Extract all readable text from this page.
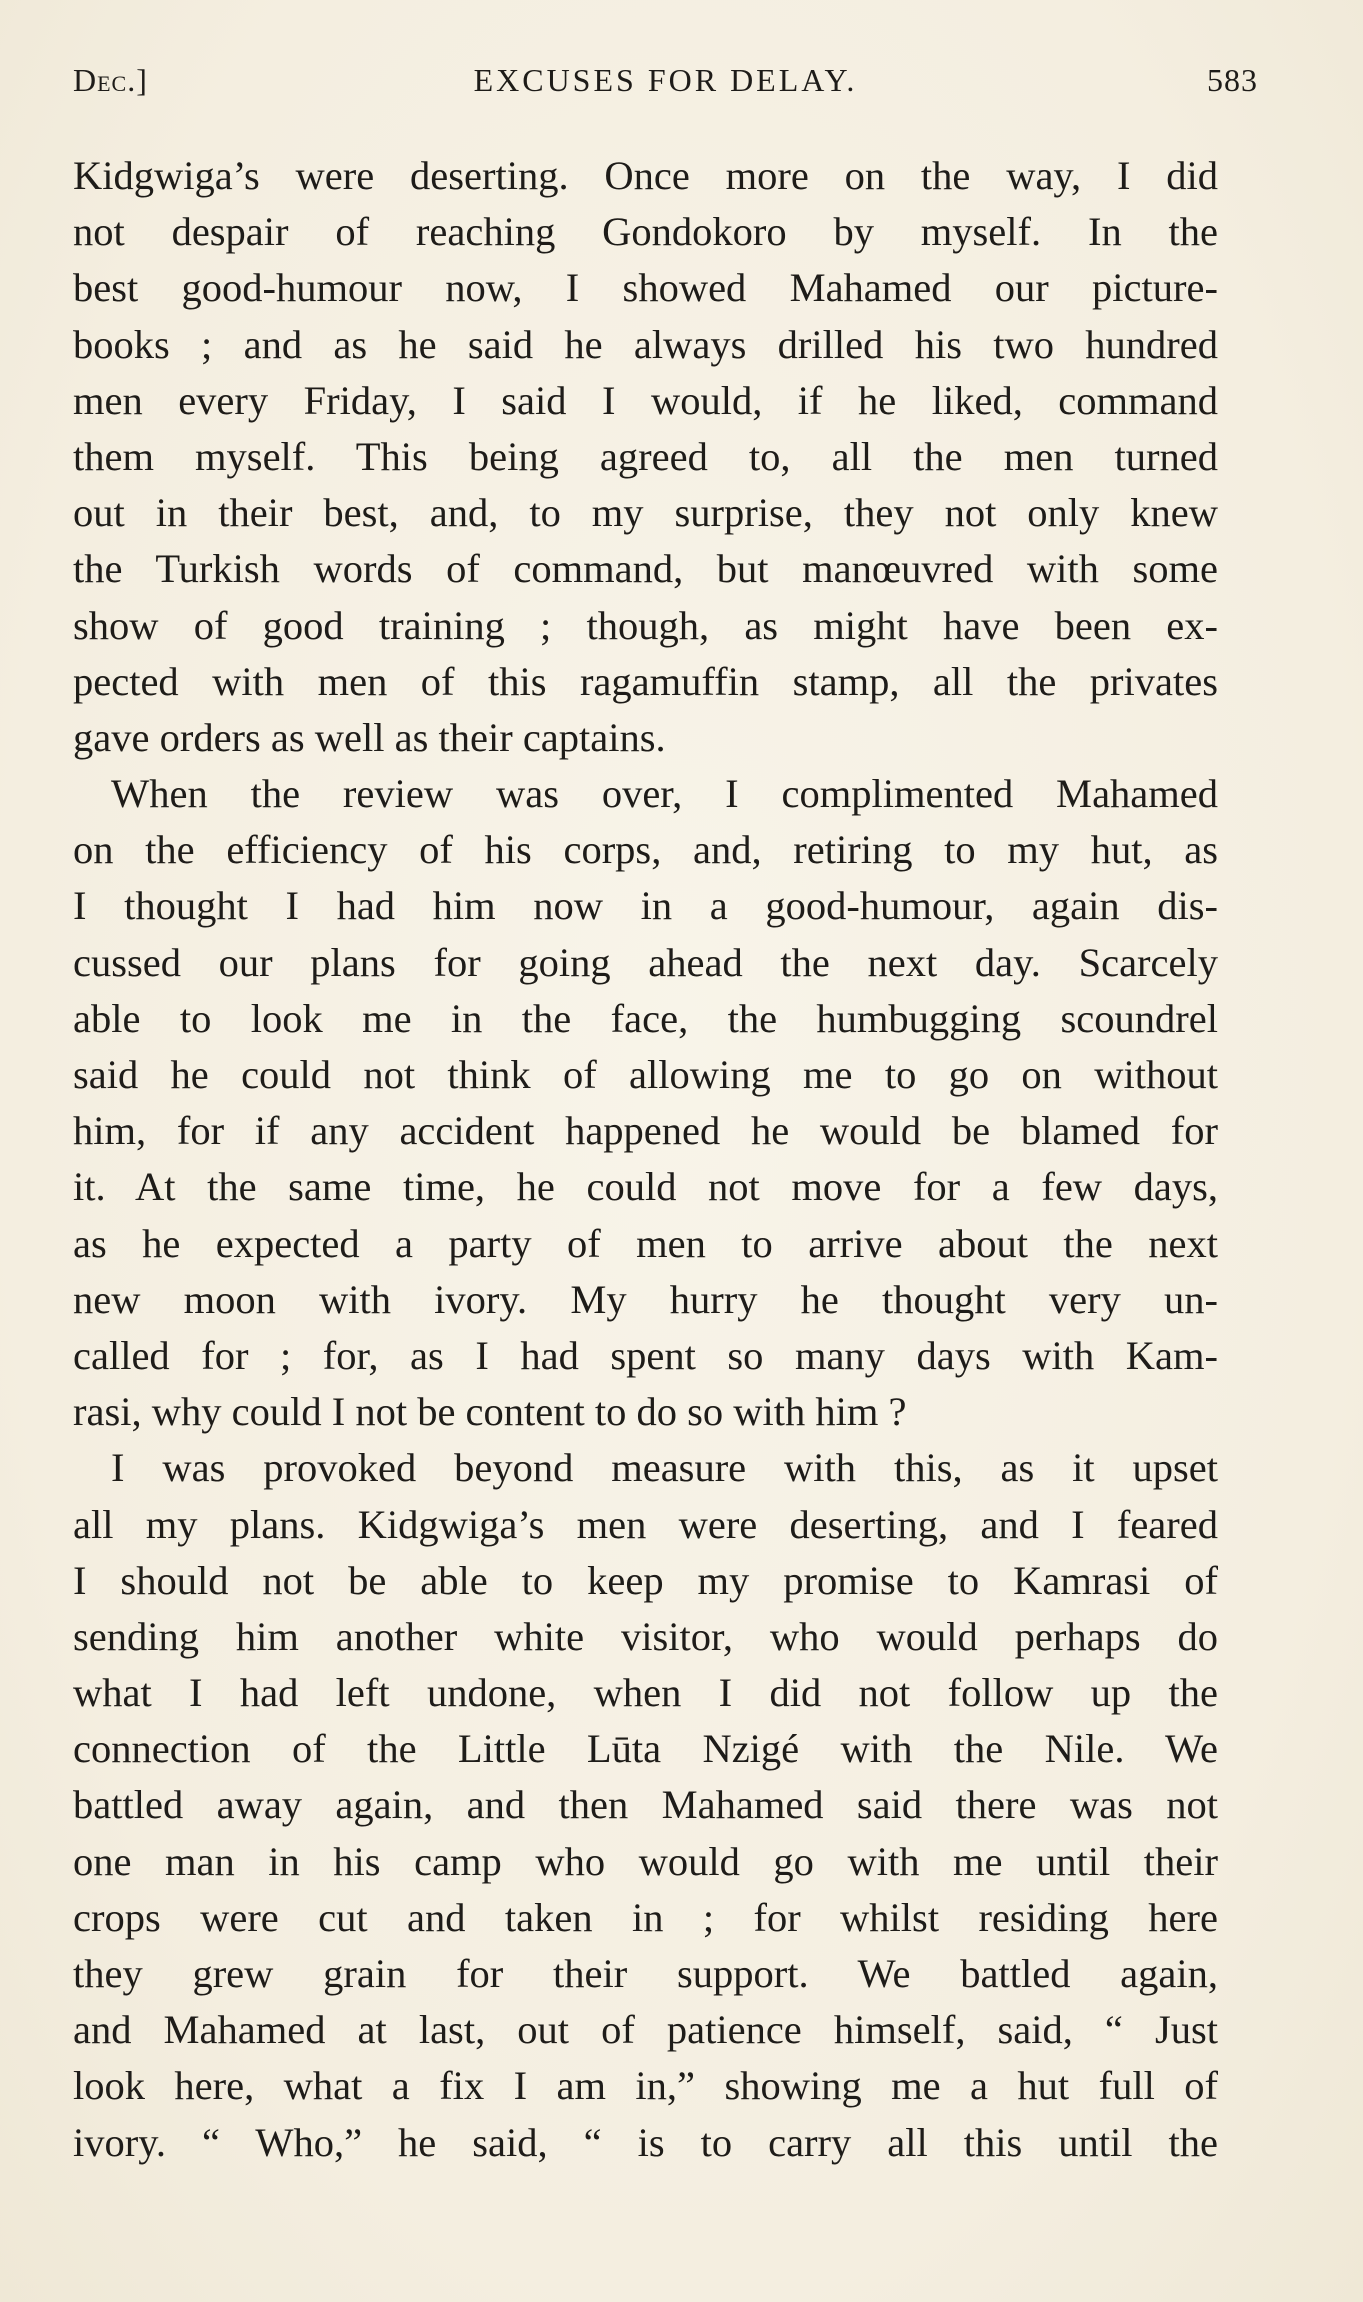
Dec.]	EXCUSES FOR DELAY.	583
Kidgwiga’s were deserting. Once more on the way, I did
not despair of reaching Gondokoro by myself. In the
best good-humour now, I showed Mahamed our picture-
books ; and as he said he always drilled his two hundred
men every Friday, I said I would, if he liked, command
them myself. This being agreed to, all the men turned
out in their best, and, to my surprise, they not only knew
the Turkish words of command, but manœuvred with some
show of good training ; though, as might have been ex-
pected with men of this ragamuffin stamp, all the privates
gave orders as well as their captains.
When the review was over, I complimented Mahamed
on the efficiency of his corps, and, retiring to my hut, as
I thought I had him now in a good-humour, again dis-
cussed our plans for going ahead the next day. Scarcely
able to look me in the face, the humbugging scoundrel
said he could not think of allowing me to go on without
him, for if any accident happened he would be blamed for
it. At the same time, he could not move for a few days,
as he expected a party of men to arrive about the next
new moon with ivory. My hurry he thought very un-
called for ; for, as I had spent so many days with Kam-
rasi, why could I not be content to do so with him ?
I was provoked beyond measure with this, as it upset
all my plans. Kidgwiga’s men were deserting, and I feared
I should not be able to keep my promise to Kamrasi of
sending him another white visitor, who would perhaps do
what I had left undone, when I did not follow up the
connection of the Little Lūta Nzigé with the Nile. We
battled away again, and then Mahamed said there was not
one man in his camp who would go with me until their
crops were cut and taken in ; for whilst residing here
they grew grain for their support. We battled again,
and Mahamed at last, out of patience himself, said, “ Just
look here, what a fix I am in,” showing me a hut full of
ivory. “ Who,” he said, “ is to carry all this until the
